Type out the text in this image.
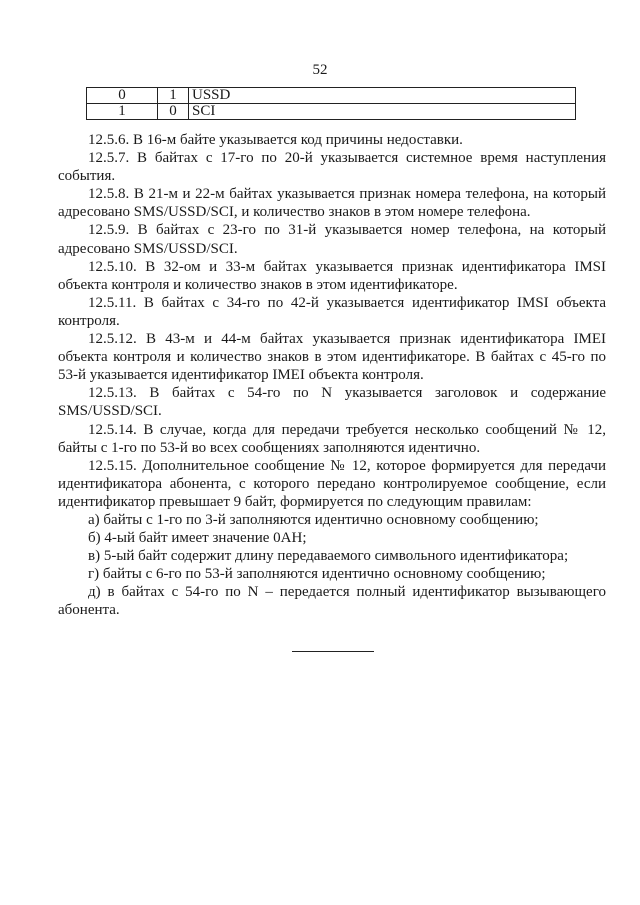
52
0	1	USSD
1	0	SCI

12.5.6. В 16-м байте указывается код причины недоставки.

12.5.7. В байтах с 17-го по 20-й указывается системное время наступления события.

12.5.8. В 21-м и 22-м байтах указывается признак номера телефона, на который адресовано SMS/USSD/SCI, и количество знаков в этом номере телефона.

12.5.9. В байтах с 23-го по 31-й указывается номер телефона, на который адресовано SMS/USSD/SCI.

12.5.10. В 32-ом и 33-м байтах указывается признак идентификатора IMSI объекта контроля и количество знаков в этом идентификаторе.

12.5.11. В байтах с 34-го по 42-й указывается идентификатор IMSI объекта контроля.

12.5.12. В 43-м и 44-м байтах указывается признак идентификатора IMEI объекта контроля и количество знаков в этом идентификаторе. В байтах с 45-го по 53-й указывается идентификатор IMEI объекта контроля.

12.5.13. В байтах с 54-го по N указывается заголовок и содержание SMS/USSD/SCI.

12.5.14. В случае, когда для передачи требуется несколько сообщений № 12, байты с 1-го по 53-й во всех сообщениях заполняются идентично.

12.5.15. Дополнительное сообщение № 12, которое формируется для передачи идентификатора абонента, с которого передано контролируемое сообщение, если идентификатор превышает 9 байт, формируется по следующим правилам:

а) байты с 1-го по 3-й заполняются идентично основному сообщению;

б) 4-ый байт имеет значение 0АН;

в) 5-ый байт содержит длину передаваемого символьного идентификатора;

г) байты с 6-го по 53-й заполняются идентично основному сообщению;

д) в байтах с 54-го по N – передается полный идентификатор вызывающего абонента.
